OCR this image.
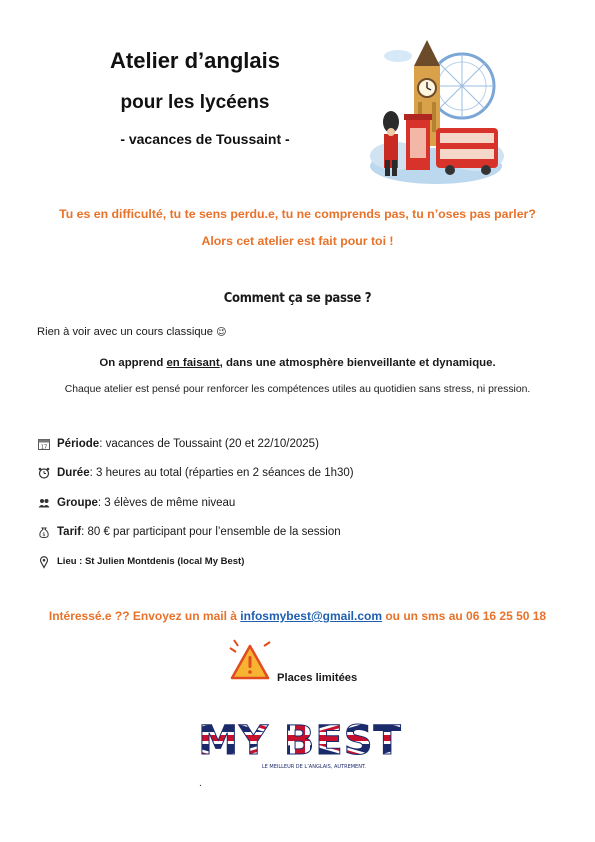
Atelier d’anglais
pour les lycéens
- vacances de Toussaint -
Tu es en difficulté, tu te sens perdu.e, tu ne comprends pas, tu n’oses pas parler?
Alors cet atelier est fait pour toi !
Comment ça se passe ?
Rien à voir avec un cours classique 😉
On apprend en faisant, dans une atmosphère bienveillante et dynamique.
Chaque atelier est pensé pour renforcer les compétences utiles au quotidien sans stress, ni pression.
17 Période : vacances de Toussaint (20 et 22/10/2025)
Durée : 3 heures au total (réparties en 2 séances de 1h30)
Groupe : 3 élèves de même niveau
$ Tarif : 80 € par participant pour l’ensemble de la session
Lieu : St Julien Montdenis (local My Best)
Intéressé.e ?? Envoyez un mail à infosmybest@gmail.com ou un sms au 06 16 25 50 18
Places limitées
MY BEST
LE MEILLEUR DE L’ANGLAIS, AUTREMENT.
.
